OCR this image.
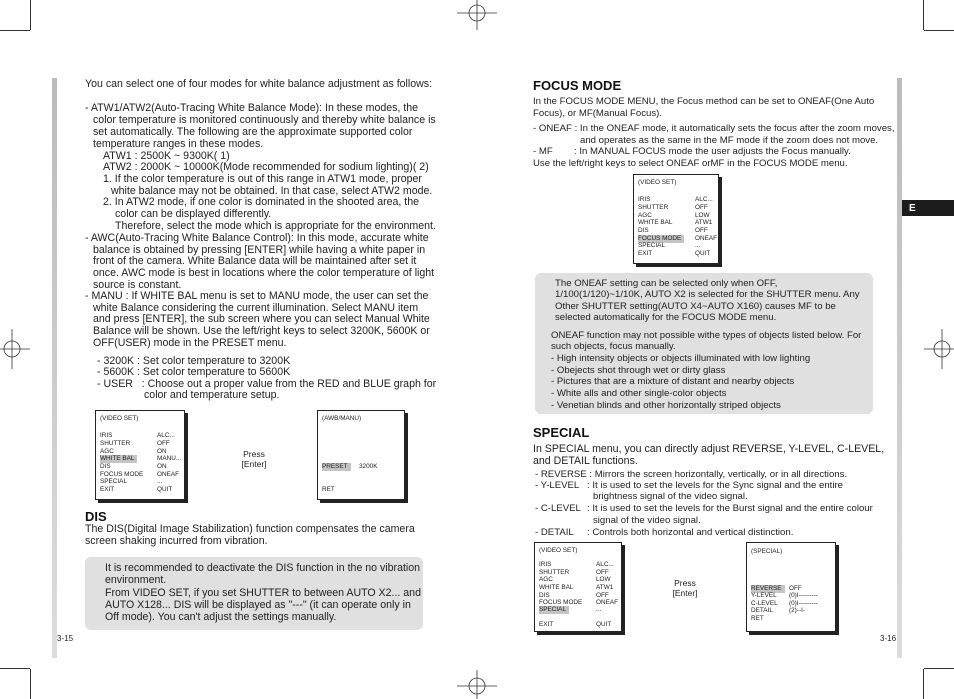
You can select one of four modes for white balance adjustment as follows:
- ATW1/ATW2(Auto-Tracing White Balance Mode): In these modes, the
color temperature is monitored continuously and thereby white balance is
set automatically. The following are the approximate supported color
temperature ranges in these modes.
ATW1 : 2500K ~ 9300K( 1)
ATW2 : 2000K ~ 10000K(Mode recommended for sodium lighting)( 2)
1. If the color temperature is out of this range in ATW1 mode, proper
white balance may not be obtained. In that case, select ATW2 mode.
2. In ATW2 mode, if one color is dominated in the shooted area, the
color can be displayed differently.
Therefore, select the mode which is appropriate for the environment.
- AWC(Auto-Tracing White Balance Control): In this mode, accurate white
balance is obtained by pressing [ENTER] while having a white paper in
front of the camera. White Balance data will be maintained after set it
once. AWC mode is best in locations where the color temperature of light
source is constant.
- MANU : If WHITE BAL menu is set to MANU mode, the user can set the
white Balance considering the current illumination. Select MANU item
and press [ENTER], the sub screen where you can select Manual White
Balance will be shown. Use the left/right keys to select 3200K, 5600K or
OFF(USER) mode in the PRESET menu.
- 3200K : Set color temperature to 3200K
- 5600K : Set color temperature to 5600K
- USER   : Choose out a proper value from the RED and BLUE graph for
color and temperature setup.
(VIDEO SET)
IRIS	ALC...
SHUTTER	OFF
AGC	ON
WHITE BAL	MANU...
DIS	ON
FOCUS MODE ONEAF
SPECIAL	...
EXIT	QUIT
Press
[Enter]
(AWB/MANU)
PRESET	3200K
RET
DIS
The DIS(Digital Image Stabilization) function compensates the camera
screen shaking incurred from vibration.
It is recommended to deactivate the DIS function in the no vibration
environment.
From VIDEO SET, if you set SHUTTER to between AUTO X2... and
AUTO X128... DIS will be displayed as "---" (it can operate only in
Off mode). You can't adjust the settings manually.
3-15
FOCUS MODE
In the FOCUS MODE MENU, the Focus method can be set to ONEAF(One Auto
Focus), or MF(Manual Focus).
- ONEAF : In the ONEAF mode, it automatically sets the focus after the zoom moves,
and operates as the same in the MF mode if the zoom does not move.
- MF        : In MANUAL FOCUS mode the user adjusts the Focus manually.
Use the left/right keys to select ONEAF orMF in the FOCUS MODE menu.
(VIDEO SET)
IRIS	ALC...
SHUTTER	OFF
AGC	LOW
WHITE BAL	ATW1
DIS	OFF
FOCUS MODE	ONEAF
SPECIAL	...
EXIT	QUIT
The ONEAF setting can be selected only when OFF,
1/100(1/120)~1/10K, AUTO X2 is selected for the SHUTTER menu. Any
Other SHUTTER setting(AUTO X4~AUTO X160) causes MF to be
selected automatically for the FOCUS MODE menu.
ONEAF function may not possible withe types of objects listed below. For
such objects, focus manually.
- High intensity objects or objects illuminated with low lighting
- Obejects shot through wet or dirty glass
- Pictures that are a mixture of distant and nearby objects
- White alls and other single-color objects
- Venetian blinds and other horizontally striped objects
SPECIAL
In SPECIAL menu, you can directly adjust REVERSE, Y-LEVEL, C-LEVEL,
and DETAIL functions.
- REVERSE : Mirrors the screen horizontally, vertically, or in all directions.
- Y-LEVEL : It is used to set the levels for the Sync signal and the entire
brightness signal of the video signal.
- C-LEVEL : It is used to set the levels for the Burst signal and the entire colour
signal of the video signal.
- DETAIL : Controls both horizontal and vertical distinction.
(VIDEO SET)
IRIS	ALC...
SHUTTER	OFF
AGC	LOW
WHITE BAL	ATW1
DIS	OFF
FOCUS MODE ONEAF
SPECIAL	...
EXIT	QUIT
Press
[Enter]
(SPECIAL)
REVERSE	OFF
Y-LEVEL (0)I---------
C-LEVEL (0)I---------
DETAIL	(2)--I-
RET
3-16
E
